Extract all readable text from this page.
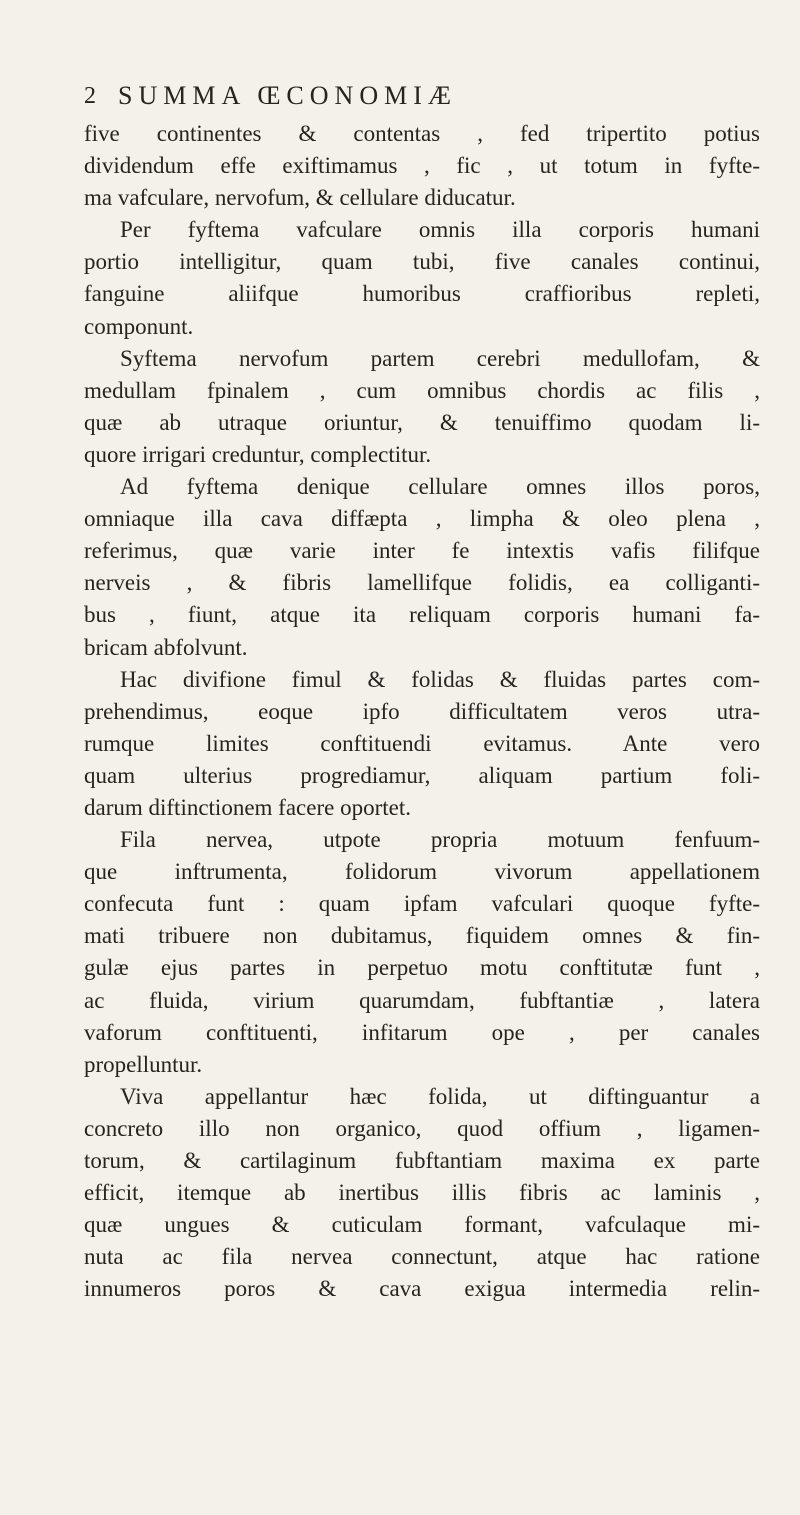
2 SUMMA ŒCONOMIÆ
five continentes & contentas , fed tripertito potius
dividendum effe exiftimamus , fic , ut totum in fyfte-
ma vafculare, nervofum, & cellulare diducatur.
Per fyftema vafculare omnis illa corporis humani
portio intelligitur, quam tubi, five canales continui,
fanguine aliifque humoribus craffioribus repleti,
componunt.
Syftema nervofum partem cerebri medullofam, &
medullam fpinalem , cum omnibus chordis ac filis ,
quæ ab utraque oriuntur, & tenuiffimo quodam li-
quore irrigari creduntur, complectitur.
Ad fyftema denique cellulare omnes illos poros,
omniaque illa cava diffæpta , limpha & oleo plena ,
referimus, quæ varie inter fe intextis vafis filifque
nerveis , & fibris lamellifque folidis, ea colliganti-
bus , fiunt, atque ita reliquam corporis humani fa-
bricam abfolvunt.
Hac divifione fimul & folidas & fluidas partes com-
prehendimus, eoque ipfo difficultatem veros utra-
rumque limites conftituendi evitamus. Ante vero
quam ulterius progrediamur, aliquam partium foli-
darum diftinctionem facere oportet.
Fila nervea, utpote propria motuum fenfuum-
que inftrumenta, folidorum vivorum appellationem
confecuta funt : quam ipfam vafculari quoque fyfte-
mati tribuere non dubitamus, fiquidem omnes & fin-
gulæ ejus partes in perpetuo motu conftitutæ funt ,
ac fluida, virium quarumdam, fubftantiæ , latera
vaforum conftituenti, infitarum ope , per canales
propelluntur.
Viva appellantur hæc folida, ut diftinguantur a
concreto illo non organico, quod offium , ligamen-
torum, & cartilaginum fubftantiam maxima ex parte
efficit, itemque ab inertibus illis fibris ac laminis ,
quæ ungues & cuticulam formant, vafculaque mi-
nuta ac fila nervea connectunt, atque hac ratione
innumeros poros & cava exigua intermedia relin-
